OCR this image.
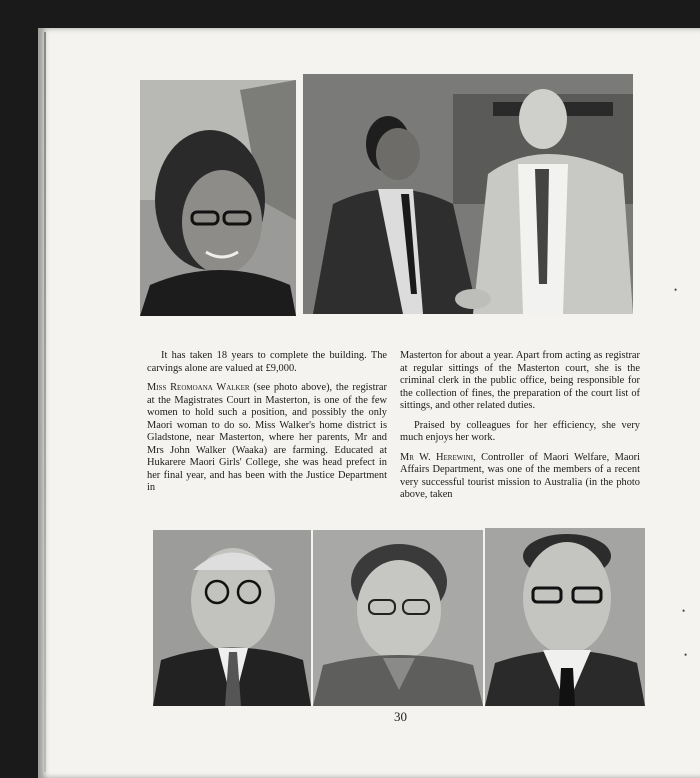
It has taken 18 years to complete the building. The carvings alone are valued at £9,000.

Miss Reomoana Walker (see photo above), the registrar at the Magistrates Court in Masterton, is one of the few women to hold such a position, and possibly the only Maori woman to do so. Miss Walker's home district is Gladstone, near Masterton, where her parents, Mr and Mrs John Walker (Waaka) are farming. Educated at Hukarere Maori Girls' College, she was head prefect in her final year, and has been with the Justice Department in

Masterton for about a year. Apart from acting as registrar at regular sittings of the Masterton court, she is the criminal clerk in the public office, being responsible for the collection of fines, the preparation of the court list of sittings, and other related duties.

Praised by colleagues for her efficiency, she very much enjoys her work.

Mr W. Herewini, Controller of Maori Welfare, Maori Affairs Department, was one of the members of a recent very successful tourist mission to Australia (in the photo above, taken

30
•
•
•
